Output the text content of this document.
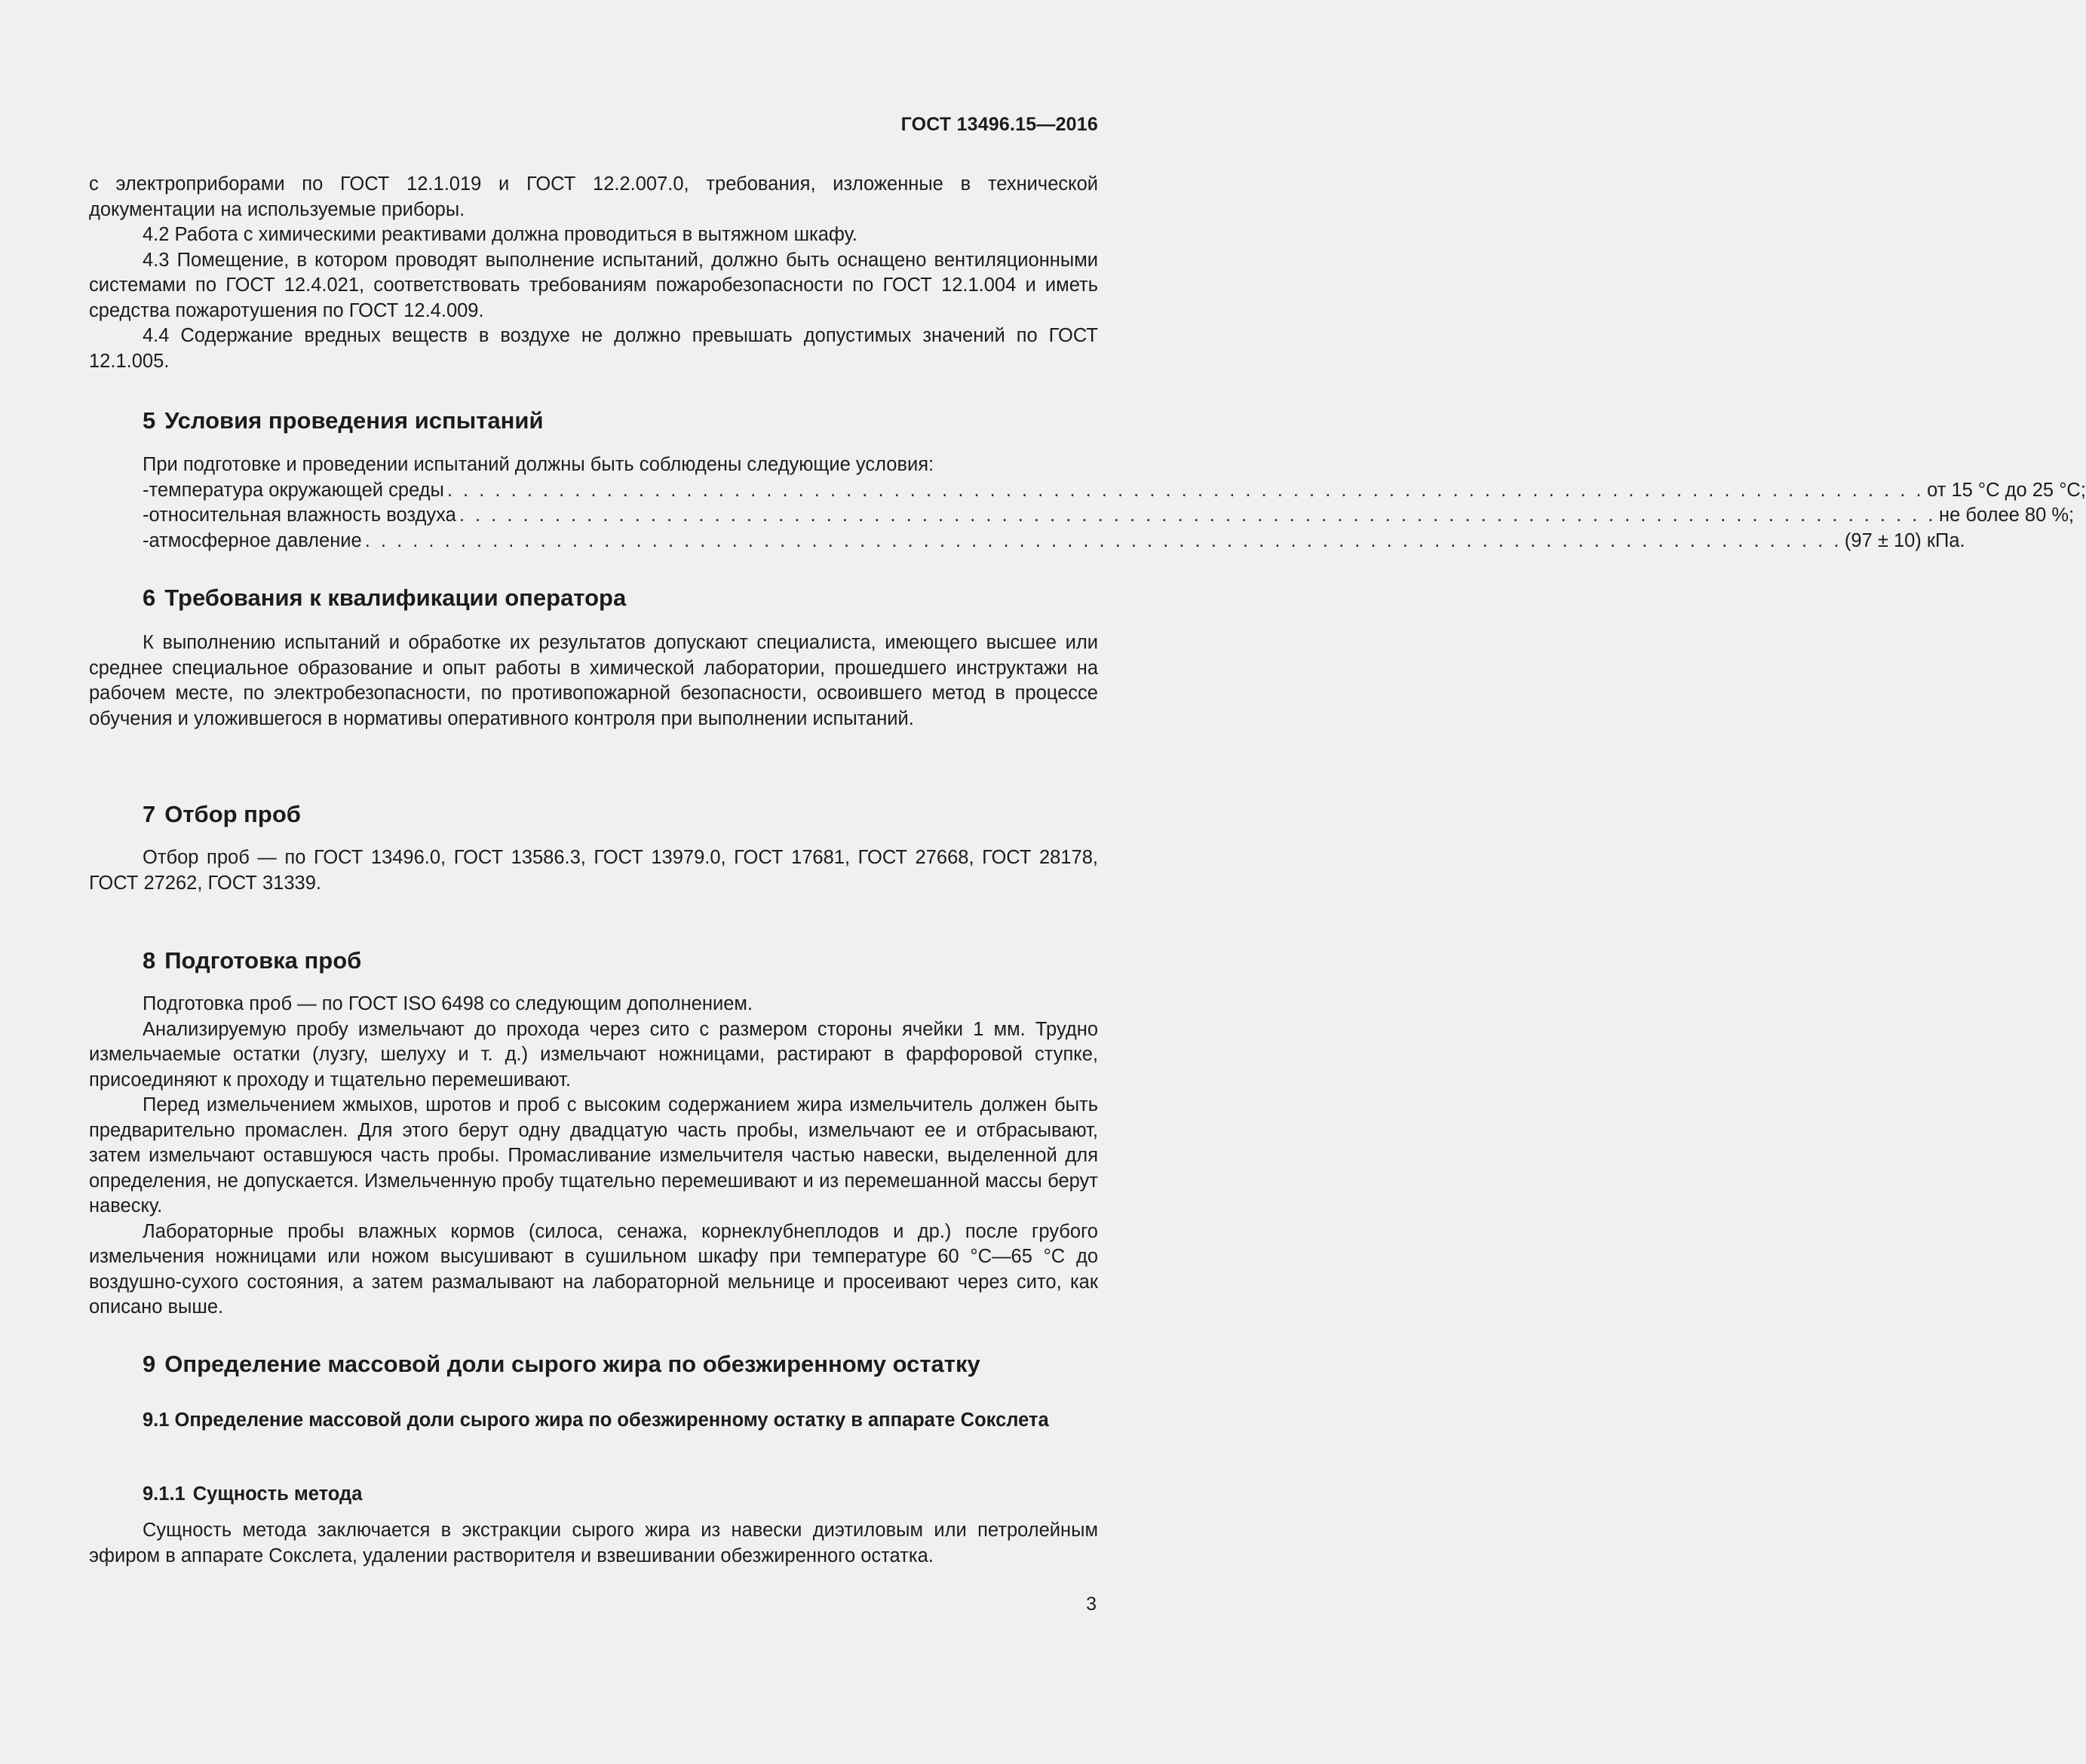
ГОСТ 13496.15—2016

с электроприборами по ГОСТ 12.1.019 и ГОСТ 12.2.007.0, требования, изложенные в технической документации на используемые приборы.

4.2 Работа с химическими реактивами должна проводиться в вытяжном шкафу.

4.3 Помещение, в котором проводят выполнение испытаний, должно быть оснащено вентиляционными системами по ГОСТ 12.4.021, соответствовать требованиям пожаробезопасности по ГОСТ 12.1.004 и иметь средства пожаротушения по ГОСТ 12.4.009.

4.4 Содержание вредных веществ в воздухе не должно превышать допустимых значений по ГОСТ 12.1.005.

5 Условия проведения испытаний

При подготовке и проведении испытаний должны быть соблюдены следующие условия:

- температура окружающей среды . . . . . . . . . . . . . . . . . . . . . . . . . . . . . . . . . . . . . . . . . . . . . . . . . . . . . . . . . . . . . . . . . . . . . . . . . . . . . . . . . . . . . . . . . . . . . от 15 °С до 25 °С;
- относительная влажность воздуха . . . . . . . . . . . . . . . . . . . . . . . . . . . . . . . . . . . . . . . . . . . . . . . . . . . . . . . . . . . . . . . . . . . . . . . . . . . . . . . . . . . . . . . . . . . . . не более 80 %;
- атмосферное давление . . . . . . . . . . . . . . . . . . . . . . . . . . . . . . . . . . . . . . . . . . . . . . . . . . . . . . . . . . . . . . . . . . . . . . . . . . . . . . . . . . . . . . . . . . . . . (97 ± 10) кПа.
6 Требования к квалификации оператора

К выполнению испытаний и обработке их результатов допускают специалиста, имеющего высшее или среднее специальное образование и опыт работы в химической лаборатории, прошедшего инструктажи на рабочем месте, по электробезопасности, по противопожарной безопасности, освоившего метод в процессе обучения и уложившегося в нормативы оперативного контроля при выполнении испытаний.

7 Отбор проб

Отбор проб — по ГОСТ 13496.0, ГОСТ 13586.3, ГОСТ 13979.0, ГОСТ 17681, ГОСТ 27668, ГОСТ 28178, ГОСТ 27262, ГОСТ 31339.

8 Подготовка проб

Подготовка проб — по ГОСТ ISO 6498 со следующим дополнением.

Анализируемую пробу измельчают до прохода через сито с размером стороны ячейки 1 мм. Трудно измельчаемые остатки (лузгу, шелуху и т. д.) измельчают ножницами, растирают в фарфоровой ступке, присоединяют к проходу и тщательно перемешивают.

Перед измельчением жмыхов, шротов и проб с высоким содержанием жира измельчитель должен быть предварительно промаслен. Для этого берут одну двадцатую часть пробы, измельчают ее и отбрасывают, затем измельчают оставшуюся часть пробы. Промасливание измельчителя частью навески, выделенной для определения, не допускается. Измельченную пробу тщательно перемешивают и из перемешанной массы берут навеску.

Лабораторные пробы влажных кормов (силоса, сенажа, корнеклубнеплодов и др.) после грубого измельчения ножницами или ножом высушивают в сушильном шкафу при температуре 60 °С—65 °С до воздушно-сухого состояния, а затем размалывают на лабораторной мельнице и просеивают через сито, как описано выше.

9 Определение массовой доли сырого жира по обезжиренному остатку
9.1 Определение массовой доли сырого жира по обезжиренному остатку в аппарате Сокслета
9.1.1 Сущность метода

Сущность метода заключается в экстракции сырого жира из навески диэтиловым или петролейным эфиром в аппарате Сокслета, удалении растворителя и взвешивании обезжиренного остатка.

3
